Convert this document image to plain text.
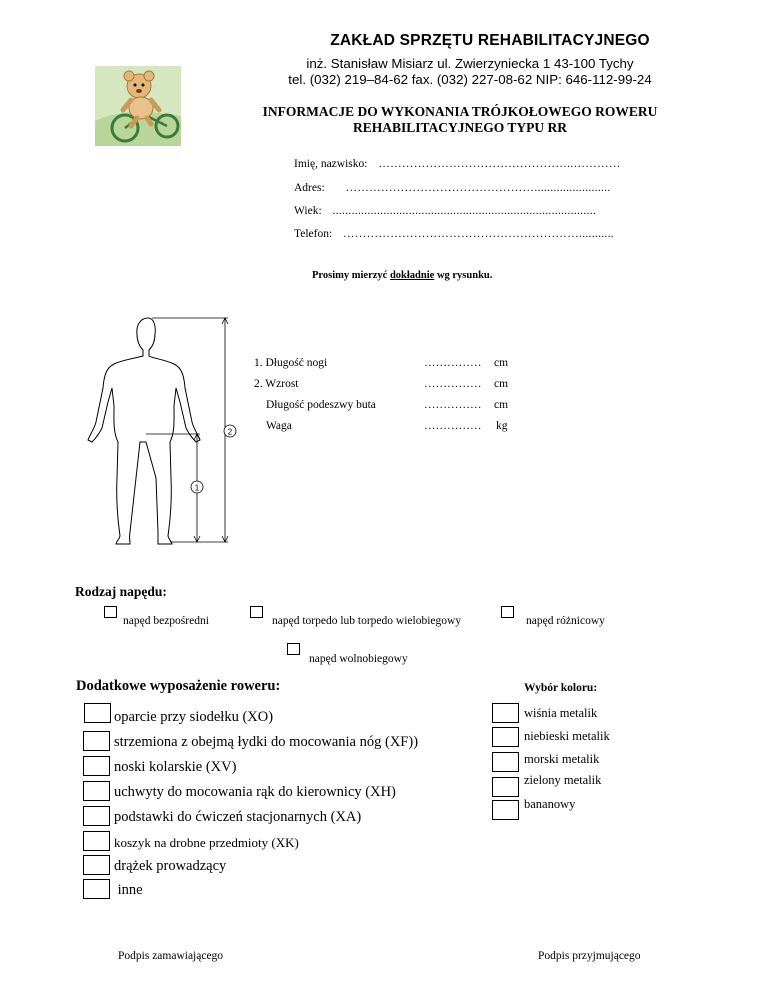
ZAKŁAD SPRZĘTU REHABILITACYJNEGO
inż. Stanisław Misiarz ul. Zwierzyniecka 1 43-100 Tychy
tel. (032) 219–84-62 fax. (032) 227-08-62 NIP: 646-112-99-24
INFORMACJE DO WYKONANIA TRÓJKOŁOWEGO ROWERU
REHABILITACYJNEGO TYPU RR
Imię, nazwisko: …………………………………………..…………
Adres: …………………………………………........................
Wiek: ...................................................................................
Telefon: ……………………………………………………...........
Prosimy mierzyć dokładnie wg rysunku.
2
1
1. Długość nogi	…………… cm
2. Wzrost	…………… cm
Długość podeszwy buta	…………… cm
Waga	…………… kg
Rodzaj napędu:
napęd bezpośredni	napęd torpedo lub torpedo wielobiegowy	napęd różnicowy
napęd wolnobiegowy
Dodatkowe wyposażenie roweru:
oparcie przy siodełku (XO)
strzemiona z obejmą łydki do mocowania nóg (XF))
noski kolarskie (XV)
uchwyty do mocowania rąk do kierownicy (XH)
podstawki do ćwiczeń stacjonarnych (XA)
koszyk na drobne przedmioty (XK)
drążek prowadzący
inne
Wybór koloru:
wiśnia metalik
niebieski metalik
morski metalik
zielony metalik
bananowy
Podpis zamawiającego	Podpis przyjmującego
